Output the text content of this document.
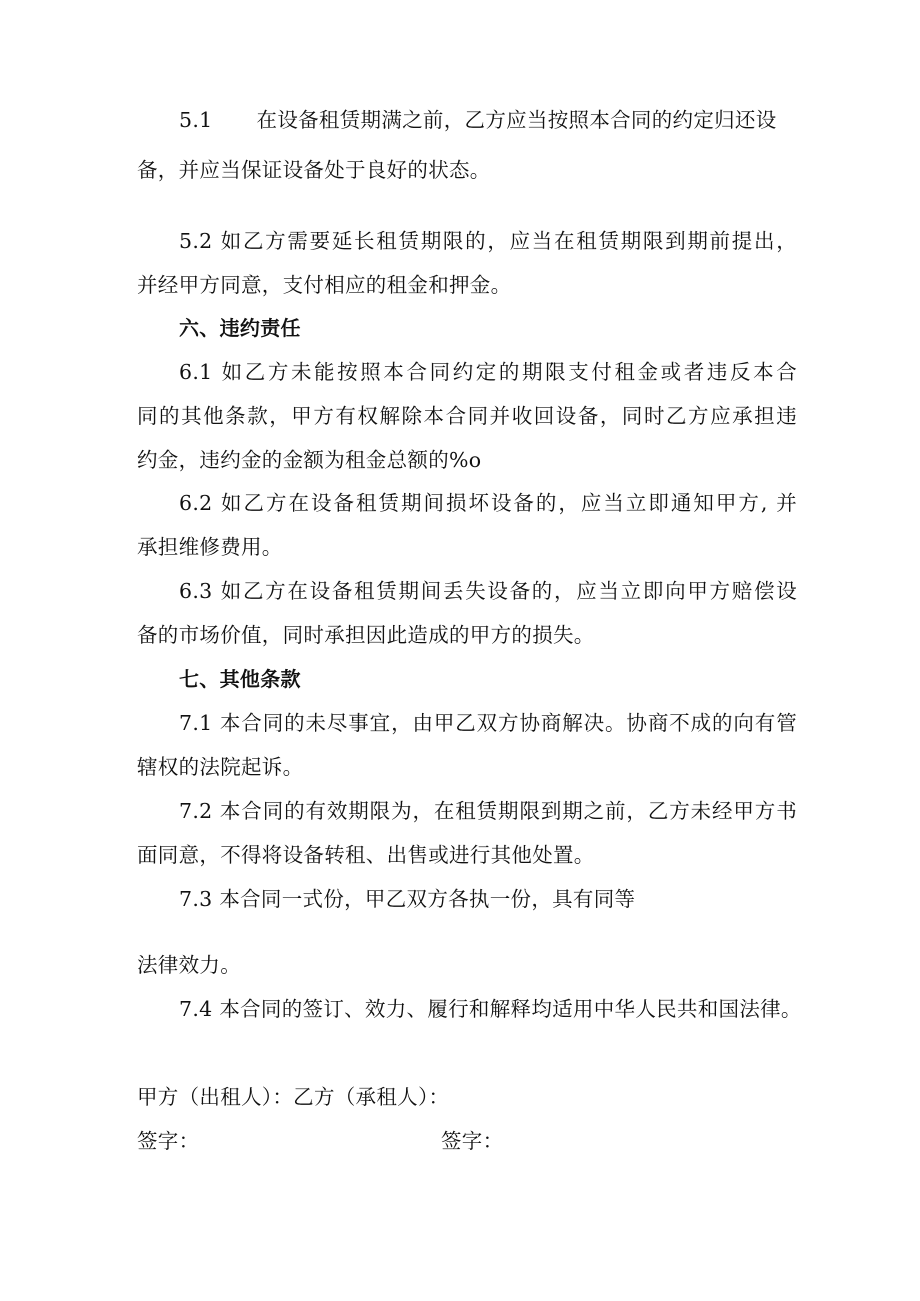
5.1 在设备租赁期满之前，乙方应当按照本合同的约定归还设
备，并应当保证设备处于良好的状态。
5.2 如乙方需要延长租赁期限的，应当在租赁期限到期前提出，
并经甲方同意，支付相应的租金和押金。
六、违约责任
6.1 如乙方未能按照本合同约定的期限支付租金或者违反本合
同的其他条款，甲方有权解除本合同并收回设备，同时乙方应承担违
约金，违约金的金额为租金总额的%o
6.2 如乙方在设备租赁期间损坏设备的，应当立即通知甲方, 并
承担维修费用。
6.3 如乙方在设备租赁期间丢失设备的，应当立即向甲方赔偿设
备的市场价值，同时承担因此造成的甲方的损失。
七、其他条款
7.1 本合同的未尽事宜，由甲乙双方协商解决。协商不成的向有管
辖权的法院起诉。
7.2 本合同的有效期限为，在租赁期限到期之前，乙方未经甲方书
面同意，不得将设备转租、出售或进行其他处置。
7.3 本合同一式份，甲乙双方各执一份，具有同等
法律效力。
7.4 本合同的签订、效力、履行和解释均适用中华人民共和国法律。
甲方（出租人）：乙方（承租人）：
签字：	签字：
